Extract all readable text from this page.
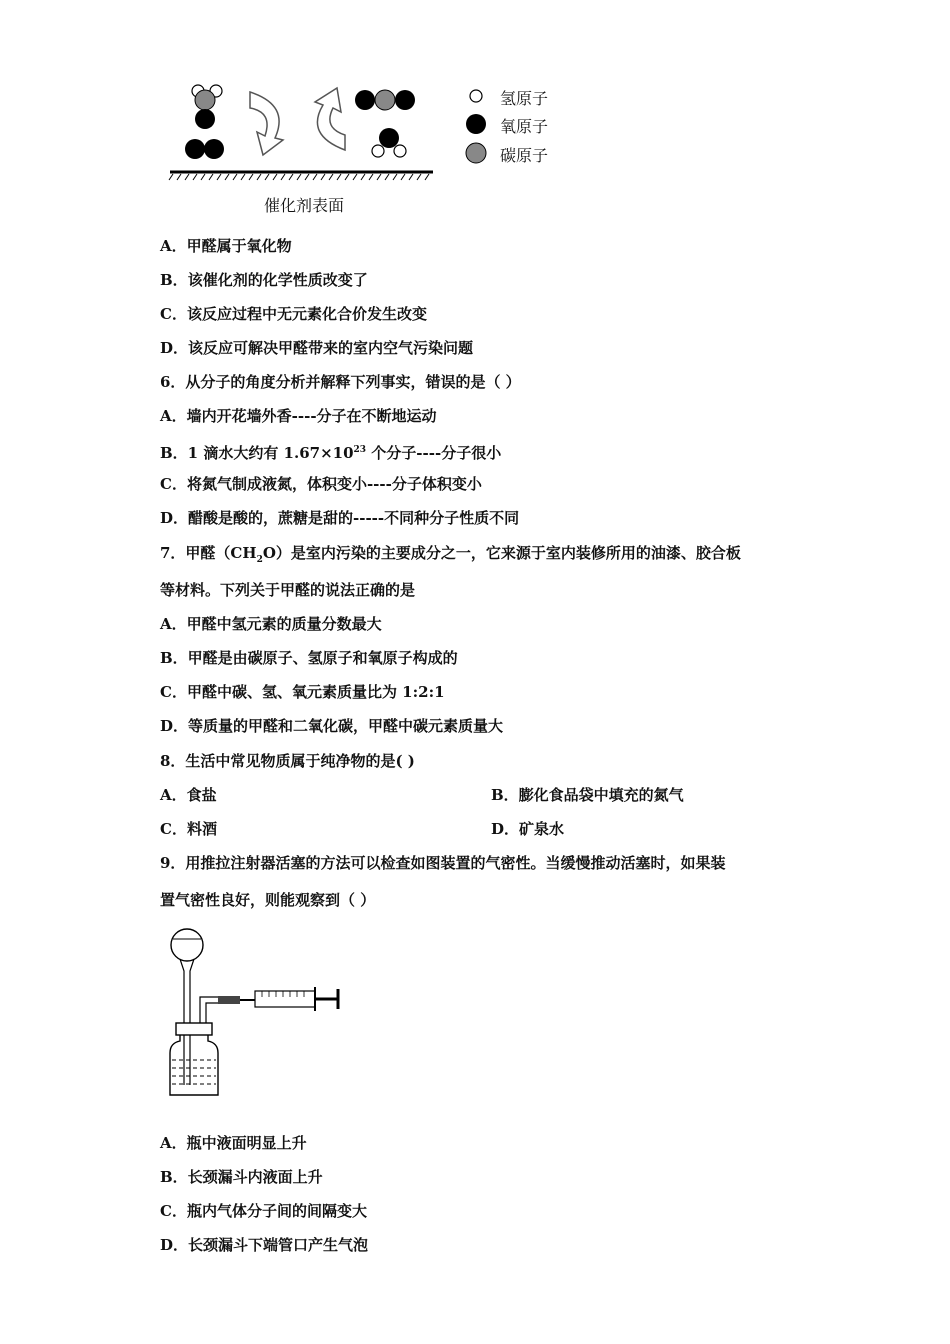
氢原子
氧原子
碳原子
催化剂表面
A．甲醛属于氧化物
B．该催化剂的化学性质改变了
C．该反应过程中无元素化合价发生改变
D．该反应可解决甲醛带来的室内空气污染问题
6．从分子的角度分析并解释下列事实，错误的是（ ）
A．墙内开花墙外香----分子在不断地运动
B．1 滴水大约有 $1.67\times 10^{23}$ 个分子----分子很小
C．将氮气制成液氮，体积变小----分子体积变小
D．醋酸是酸的，蔗糖是甜的-----不同种分子性质不同
7．甲醛$(CH_2O)$是室内污染的主要成分之一，它来源于室内装修所用的油漆、胶合板
等材料。下列关于甲醛的说法正确的是
A．甲醛中氢元素的质量分数最大
B．甲醛是由碳原子、氢原子和氧原子构成的
C．甲醛中碳、氢、氧元素质量比为 1:2:1
D．等质量的甲醛和二氧化碳，甲醛中碳元素质量大
8．生活中常见物质属于纯净物的是( )
A．食盐	B．膨化食品袋中填充的氮气
C．料酒	D．矿泉水
9．用推拉注射器活塞的方法可以检查如图装置的气密性。当缓慢推动活塞时，如果装
置气密性良好，则能观察到（ ）
A．瓶中液面明显上升
B．长颈漏斗内液面上升
C．瓶内气体分子间的间隔变大
D．长颈漏斗下端管口产生气泡
